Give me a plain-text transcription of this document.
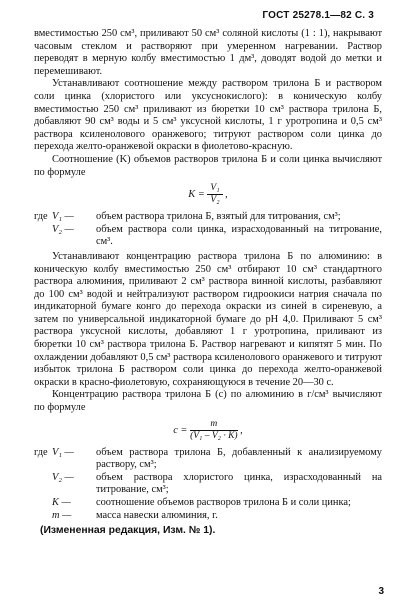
ГОСТ 25278.1—82 С. 3

вместимостью 250 см³, приливают 50 см³ соляной кислоты (1 : 1), накрывают часовым стеклом и растворяют при умеренном нагревании. Раствор переводят в мерную колбу вместимостью 1 дм³, доводят водой до метки и перемешивают.

Устанавливают соотношение между раствором трилона Б и раствором соли цинка (хлористого или уксуснокислого): в коническую колбу вместимостью 250 см³ приливают из бюретки 10 см³ раствора трилона Б, добавляют 90 см³ воды и 5 см³ уксусной кислоты, 1 г уротропина и 0,5 см³ раствора ксиленолового оранжевого; титруют раствором соли цинка до перехода желто-оранжевой окраски в фиолетово-красную.

Соотношение (K) объемов растворов трилона Б и соли цинка вычисляют по формуле

$K = \frac{\text{V₁}}{\text{V₂}}$ ,
где V₁ —	объем раствора трилона Б, взятый для титрования, см³;
V₂ —	объем раствора соли цинка, израсходованный на титрование, см³.

Устанавливают концентрацию раствора трилона Б по алюминию: в коническую колбу вместимостью 250 см³ отбирают 10 см³ стандартного раствора алюминия, приливают 2 см³ раствора винной кислоты, разбавляют до 100 см³ водой и нейтрализуют раствором гидроокиси натрия сначала по индикаторной бумаге конго до перехода окраски из синей в сиреневую, а затем по универсальной индикаторной бумаге до pH 4,0. Приливают 5 см³ раствора уксусной кислоты, добавляют 1 г уротропина, приливают из бюретки 10 см³ раствора трилона Б. Раствор нагревают и кипятят 5 мин. По охлаждении добавляют 0,5 см³ раствора ксиленолового оранжевого и титруют избыток трилона Б раствором соли цинка до перехода желто-оранжевой окраски в красно-фиолетовую, сохраняющуюся в течение 20—30 с.

Концентрацию раствора трилона Б (с) по алюминию в г/см³ вычисляют по формуле

$c = \frac{m}{\text{(V₁ – V₂ · K)}}$ ,
где V₁ —	объем раствора трилона Б, добавленный к анализируемому раствору, см³;
V₂ —	объем раствора хлористого цинка, израсходованный на титрование, см³;
K —	соотношение объемов растворов трилона Б и соли цинка;
m —	масса навески алюминия, г.
(Измененная редакция, Изм. № 1).
3
